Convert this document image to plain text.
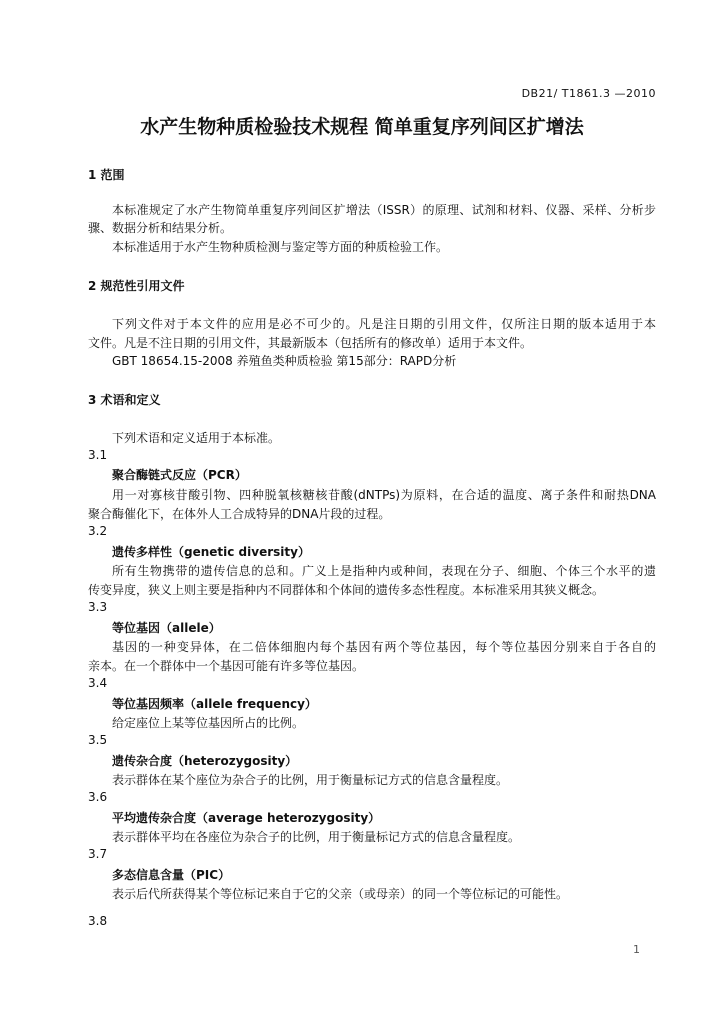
DB21/ T1861.3 —2010
水产生物种质检验技术规程 简单重复序列间区扩增法
1 范围
本标准规定了水产生物简单重复序列间区扩增法（ISSR）的原理、试剂和材料、仪器、采样、分析步
骤、数据分析和结果分析。
本标准适用于水产生物种质检测与鉴定等方面的种质检验工作。
2 规范性引用文件
下列文件对于本文件的应用是必不可少的。凡是注日期的引用文件，仅所注日期的版本适用于本
文件。凡是不注日期的引用文件，其最新版本（包括所有的修改单）适用于本文件。
GBT 18654.15-2008 养殖鱼类种质检验 第15部分：RAPD分析
3 术语和定义
下列术语和定义适用于本标准。
3.1
聚合酶链式反应（PCR）
用一对寡核苷酸引物、四种脱氧核糖核苷酸(dNTPs)为原料，在合适的温度、离子条件和耐热DNA
聚合酶催化下，在体外人工合成特异的DNA片段的过程。
3.2
遗传多样性（genetic diversity）
所有生物携带的遗传信息的总和。广义上是指种内或种间，表现在分子、细胞、个体三个水平的遗
传变异度，狭义上则主要是指种内不同群体和个体间的遗传多态性程度。本标准采用其狭义概念。
3.3
等位基因（allele）
基因的一种变异体，在二倍体细胞内每个基因有两个等位基因，每个等位基因分别来自于各自的
亲本。在一个群体中一个基因可能有许多等位基因。
3.4
等位基因频率（allele frequency）
给定座位上某等位基因所占的比例。
3.5
遗传杂合度（heterozygosity）
表示群体在某个座位为杂合子的比例，用于衡量标记方式的信息含量程度。
3.6
平均遗传杂合度（average heterozygosity）
表示群体平均在各座位为杂合子的比例，用于衡量标记方式的信息含量程度。
3.7
多态信息含量（PIC）
表示后代所获得某个等位标记来自于它的父亲（或母亲）的同一个等位标记的可能性。
3.8
1
